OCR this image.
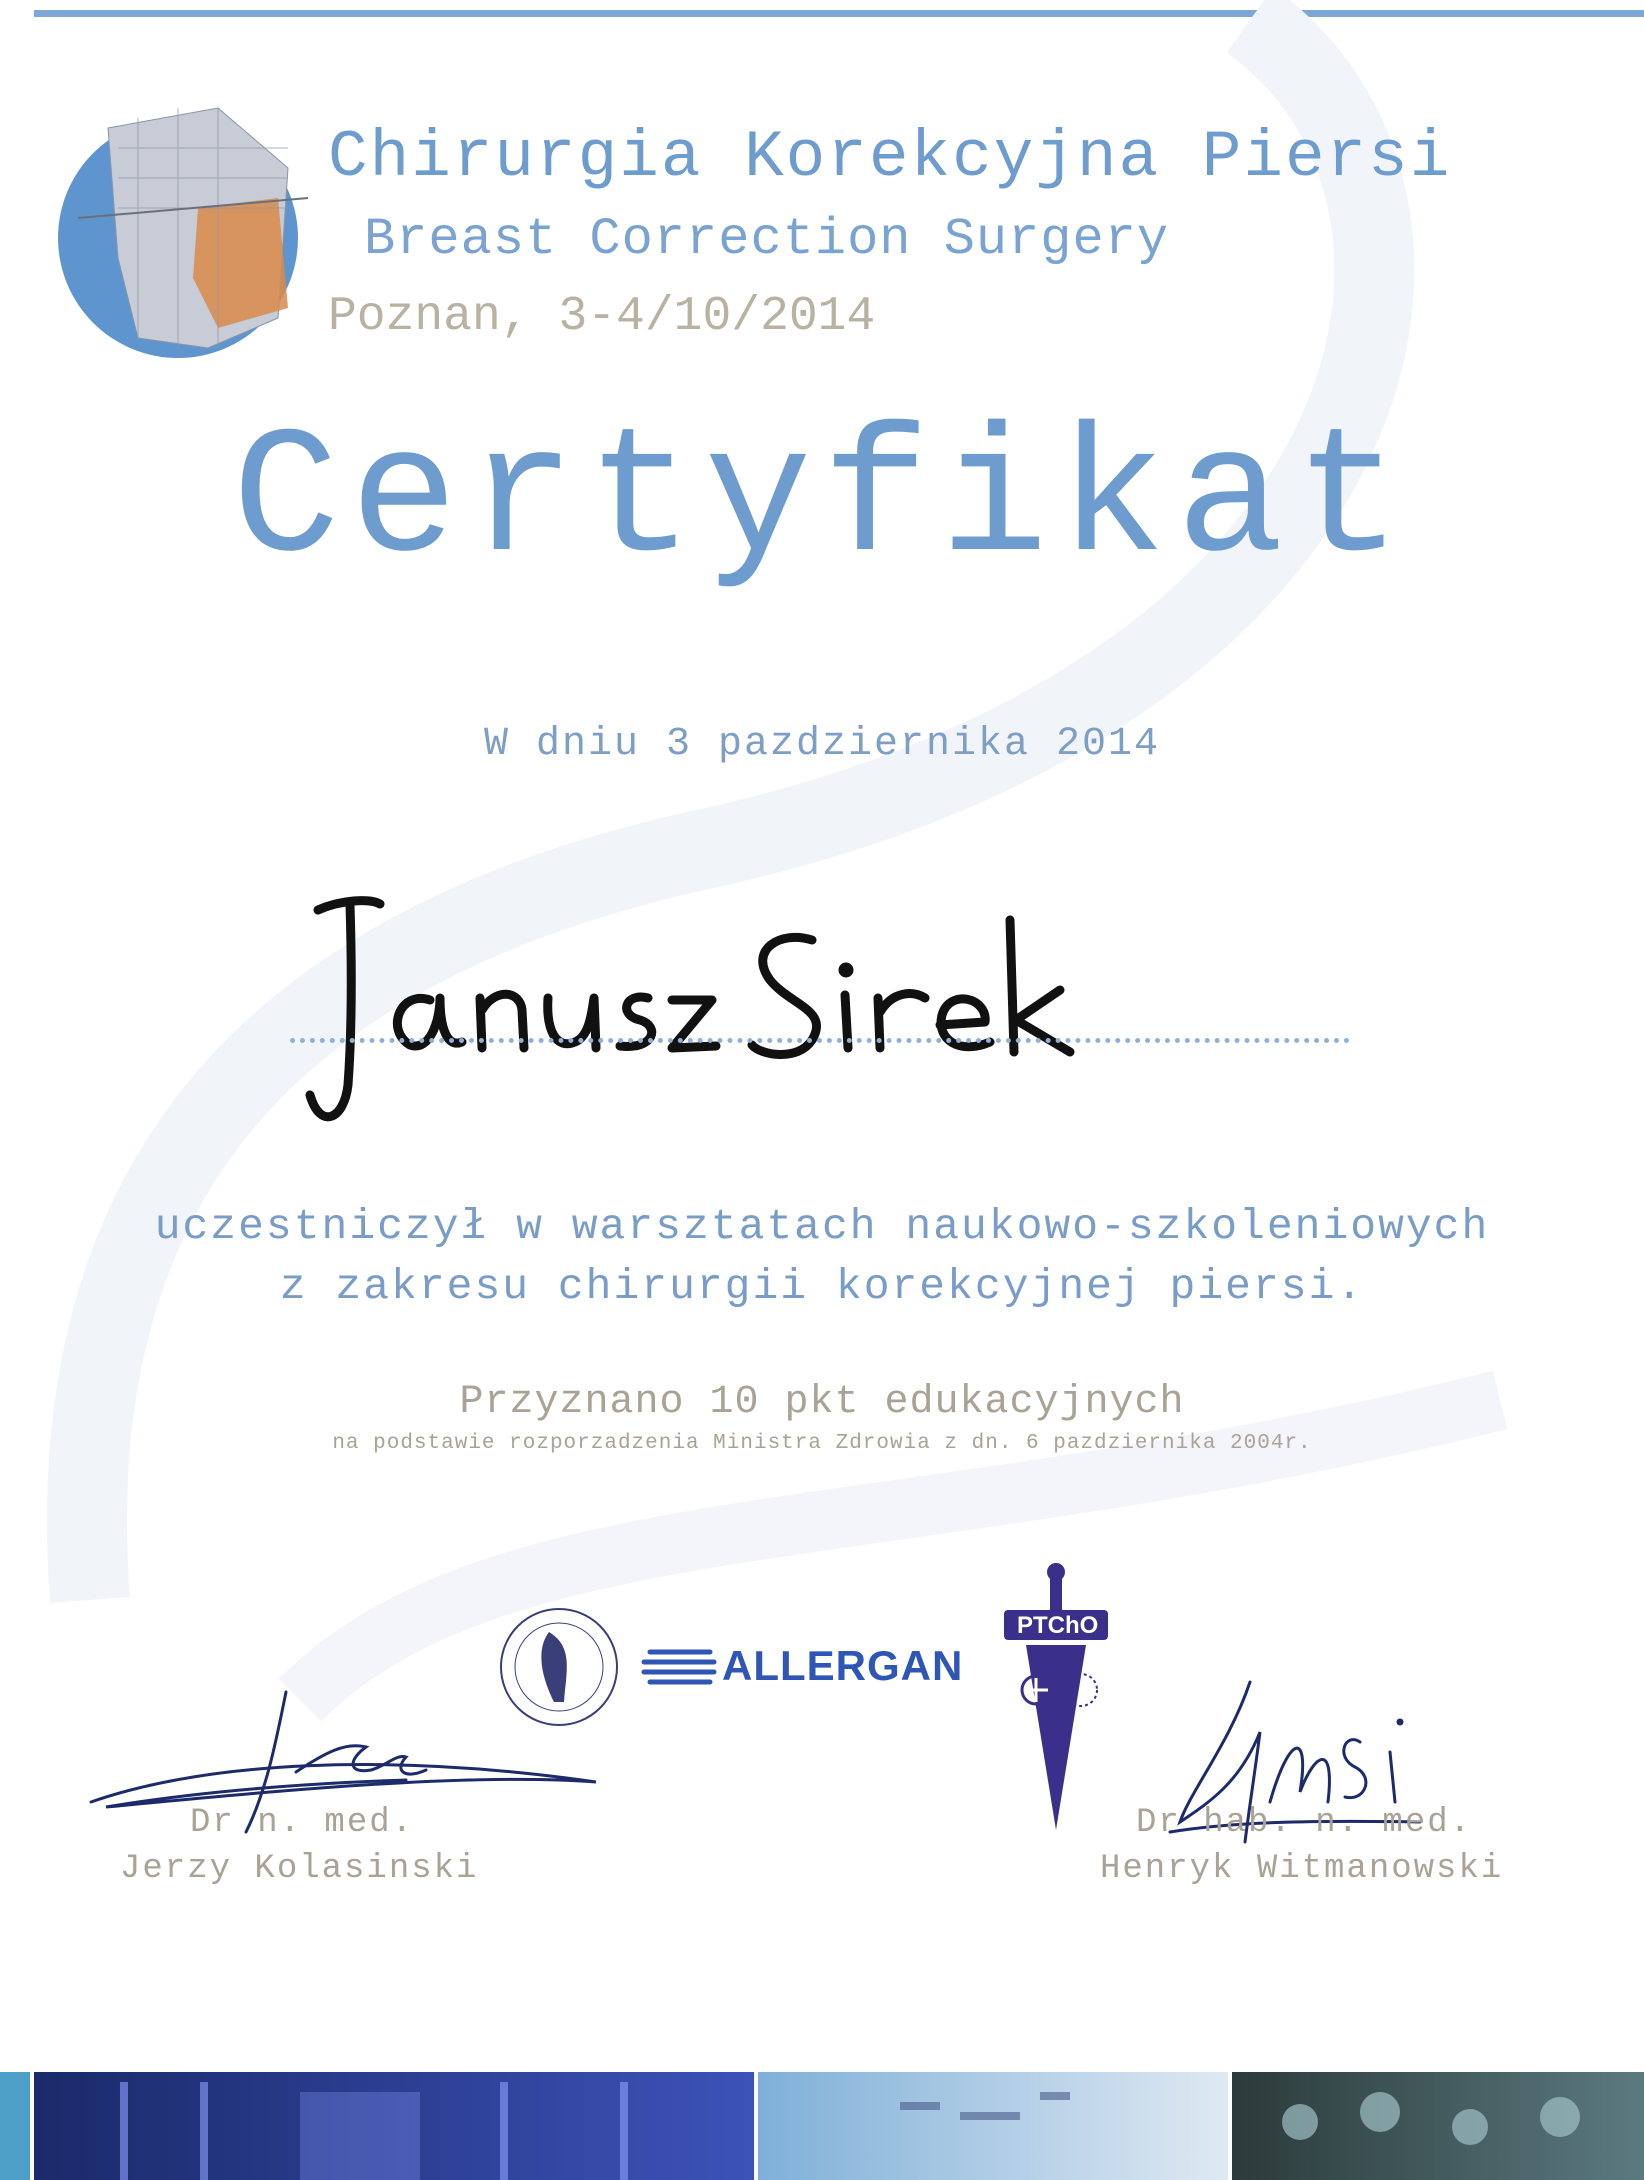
Chirurgia Korekcyjna Piersi
Breast Correction Surgery
Poznan, 3-4/10/2014
Certyfikat
W dniu 3 pazdziernika 2014
uczestniczył w warsztatach naukowo-szkoleniowych
z zakresu chirurgii korekcyjnej piersi.
Przyznano 10 pkt edukacyjnych
na podstawie rozporzadzenia Ministra Zdrowia z dn. 6 pazdziernika 2004r.
ALLERGAN
PTChO
Dr n. med.
Jerzy Kolasinski
Dr hab. n. med.
Henryk Witmanowski
